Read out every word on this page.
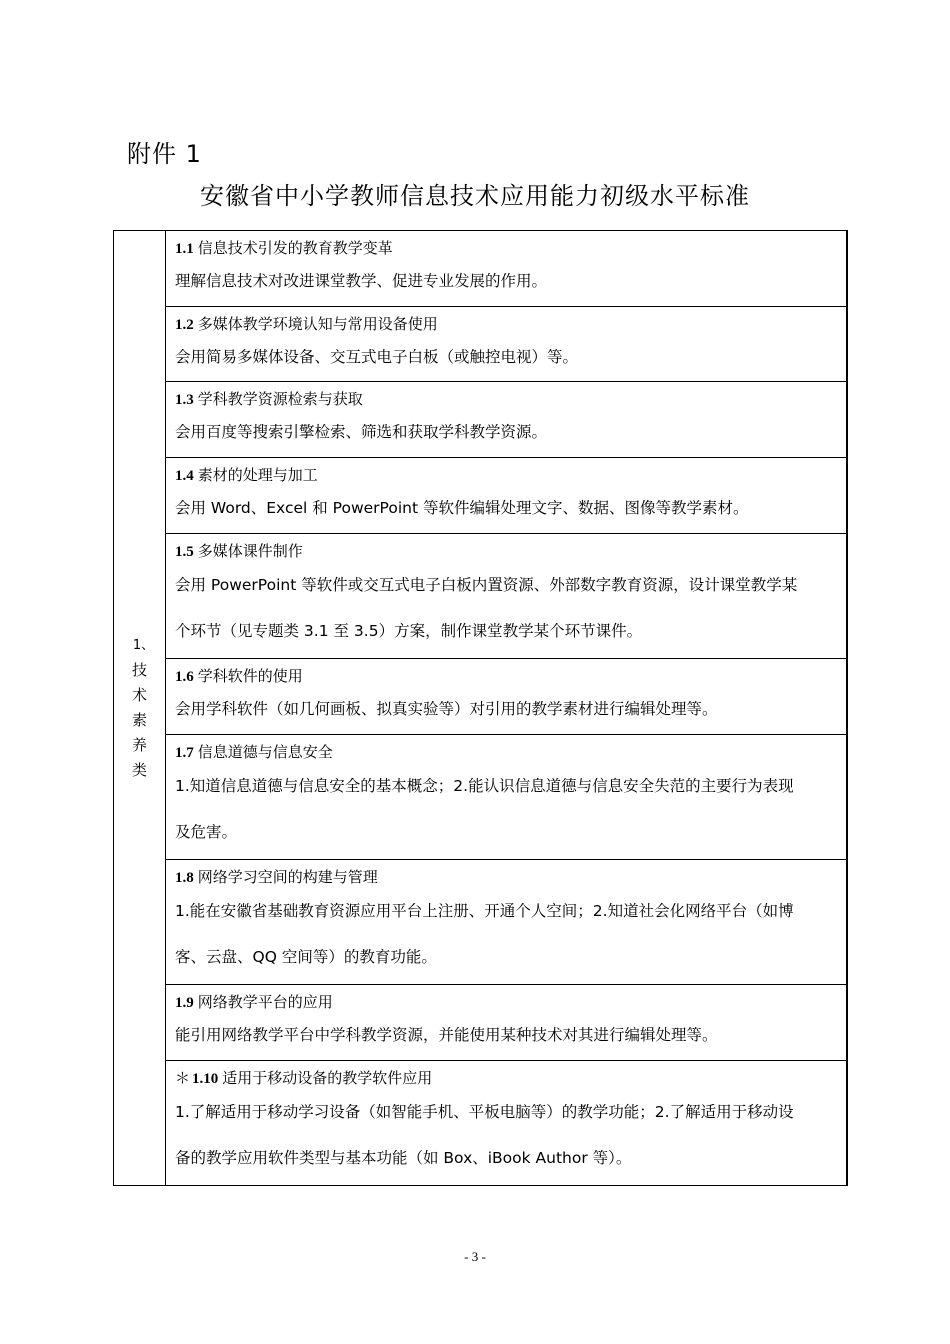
附件 1
安徽省中小学教师信息技术应用能力初级水平标准
1、
技
术
素
养
类
1.1 信息技术引发的教育教学变革
理解信息技术对改进课堂教学、促进专业发展的作用。
1.2 多媒体教学环境认知与常用设备使用
会用简易多媒体设备、交互式电子白板（或触控电视）等。
1.3 学科教学资源检索与获取
会用百度等搜索引擎检索、筛选和获取学科教学资源。
1.4 素材的处理与加工
会用 Word、Excel 和 PowerPoint 等软件编辑处理文字、数据、图像等教学素材。
1.5 多媒体课件制作
会用 PowerPoint 等软件或交互式电子白板内置资源、外部数字教育资源，设计课堂教学某
个环节（见专题类 3.1 至 3.5）方案，制作课堂教学某个环节课件。
1.6 学科软件的使用
会用学科软件（如几何画板、拟真实验等）对引用的教学素材进行编辑处理等。
1.7 信息道德与信息安全
1.知道信息道德与信息安全的基本概念；2.能认识信息道德与信息安全失范的主要行为表现
及危害。
1.8 网络学习空间的构建与管理
1.能在安徽省基础教育资源应用平台上注册、开通个人空间；2.知道社会化网络平台（如博
客、云盘、QQ 空间等）的教育功能。
1.9 网络教学平台的应用
能引用网络教学平台中学科教学资源，并能使用某种技术对其进行编辑处理等。
＊ 1.10 适用于移动设备的教学软件应用
1.了解适用于移动学习设备（如智能手机、平板电脑等）的教学功能；2.了解适用于移动设
备的教学应用软件类型与基本功能（如 Box、iBook Author 等）。
- 3 -
